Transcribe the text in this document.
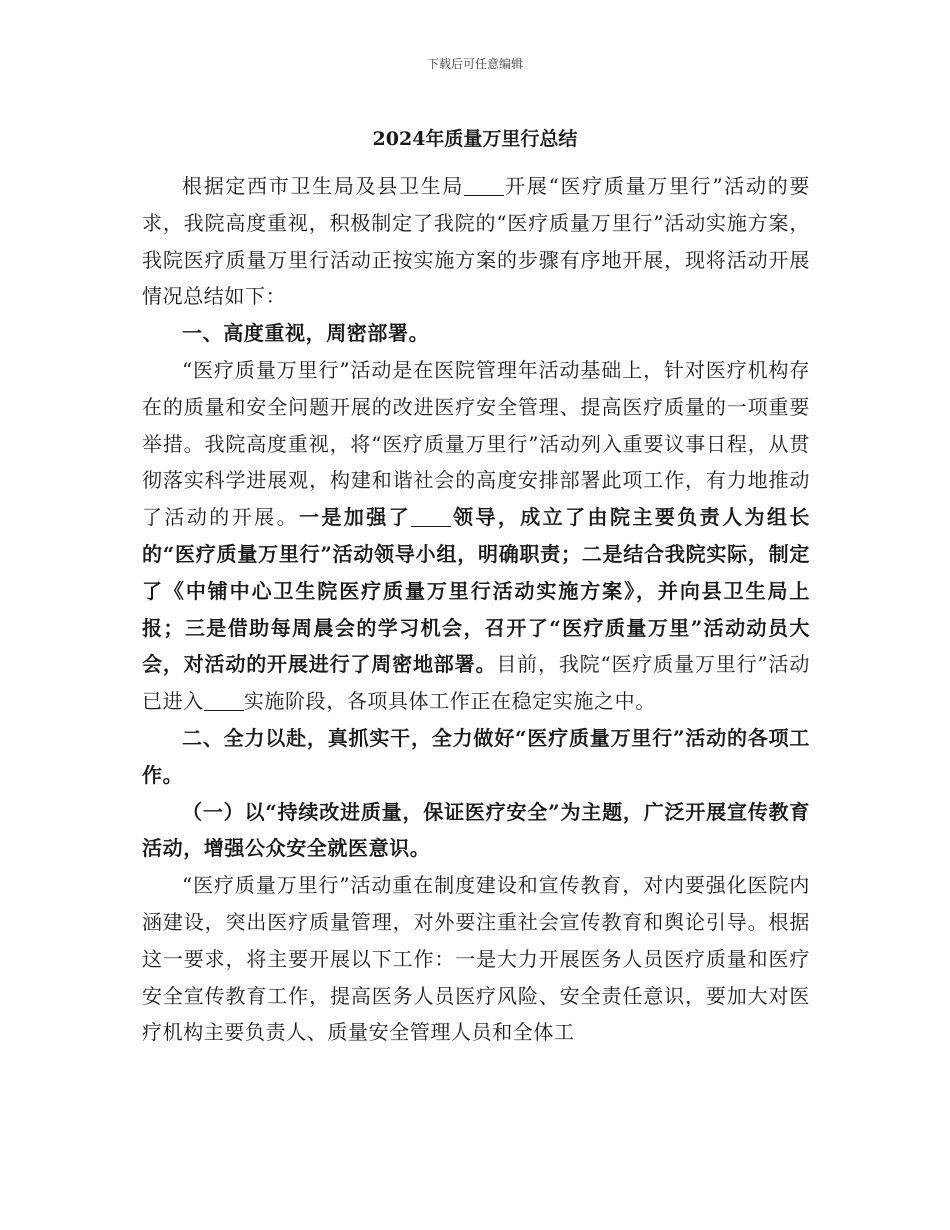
下载后可任意编辑
2024年质量万里行总结

根据定西市卫生局及县卫生局 开展“医疗质量万里行”活动的要求，我院高度重视，积极制定了我院的“医疗质量万里行”活动实施方案，我院医疗质量万里行活动正按实施方案的步骤有序地开展，现将活动开展情况总结如下：

一、高度重视，周密部署。

“医疗质量万里行”活动是在医院管理年活动基础上，针对医疗机构存在的质量和安全问题开展的改进医疗安全管理、提高医疗质量的一项重要举措。我院高度重视，将“医疗质量万里行”活动列入重要议事日程，从贯彻落实科学进展观，构建和谐社会的高度安排部署此项工作，有力地推动了活动的开展。一是加强了 领导，成立了由院主要负责人为组长的“医疗质量万里行”活动领导小组，明确职责；二是结合我院实际，制定了《中铺中心卫生院医疗质量万里行活动实施方案》，并向县卫生局上报；三是借助每周晨会的学习机会，召开了“医疗质量万里”活动动员大会，对活动的开展进行了周密地部署。目前，我院“医疗质量万里行”活动已进入 实施阶段，各项具体工作正在稳定实施之中。

二、全力以赴，真抓实干，全力做好“医疗质量万里行”活动的各项工作。

（一）以“持续改进质量，保证医疗安全”为主题，广泛开展宣传教育活动，增强公众安全就医意识。

“医疗质量万里行”活动重在制度建设和宣传教育，对内要强化医院内涵建设，突出医疗质量管理，对外要注重社会宣传教育和舆论引导。根据这一要求，将主要开展以下工作：一是大力开展医务人员医疗质量和医疗安全宣传教育工作，提高医务人员医疗风险、安全责任意识，要加大对医疗机构主要负责人、质量安全管理人员和全体工
